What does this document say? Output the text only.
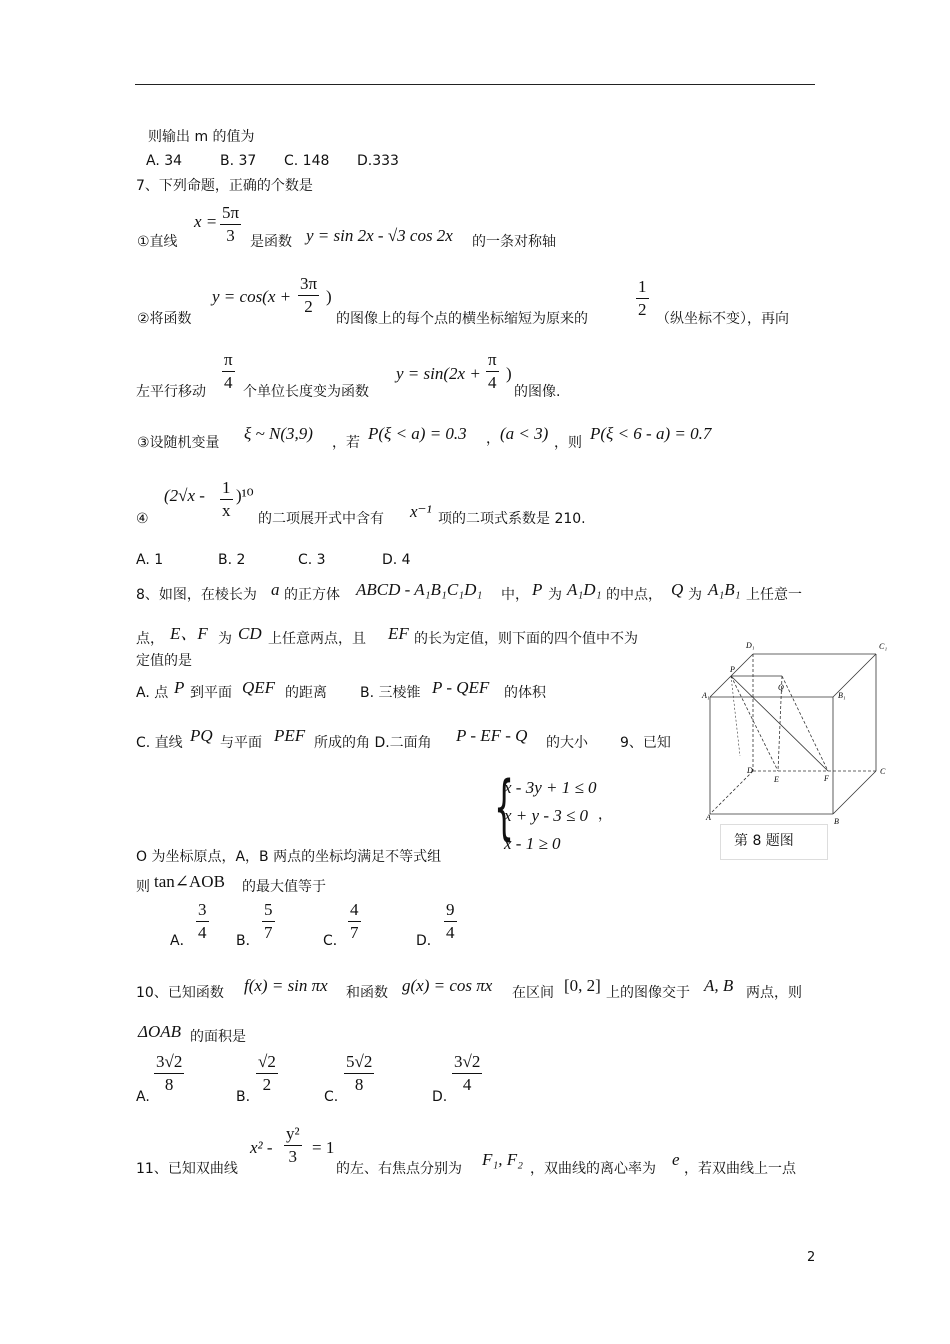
则输出 m 的值为
A. 34	B. 37 C. 148 D.333
7、下列命题，正确的个数是
①直线
x = 5π
3 是函数 y = sin 2x - √3 cos 2x 的一条对称轴
②将函数
y = cos(x +
3π
2
)
的图像上的每个点的横坐标缩短为原来的
1
2 （纵坐标不变），再向
左平行移动
π
4 个单位长度变为函数
y = sin(2x +
π
4 )
的图像.
③设随机变量 ξ ~ N(3,9) ，若 P(ξ < a) = 0.3 ， (a < 3) ，则 P(ξ < 6 - a) = 0.7
④
(2√x - 1
x
)¹⁰
的二项展开式中含有 x⁻¹ 项的二项式系数是 210.
A. 1	B. 2	C. 3	D. 4
8、如图，在棱长为 a 的正方体 ABCD - A₁B₁C₁D₁ 中， P 为 A₁D₁ 的中点， Q 为 A₁B₁ 上任意一
点， E、F 为 CD 上任意两点，且 EF 的长为定值，则下面的四个值中不为
定值的是
A. 点 P 到平面 QEF 的距离 B. 三棱锥 P - QEF 的体积
C. 直线 PQ 与平面 PEF 所成的角 D.二面角 P - EF - Q 的大小 9、已知
{
x - 3y + 1 ≤ 0
x + y - 3 ≤ 0
x - 1 ≥ 0
，
O 为坐标原点，A，B 两点的坐标均满足不等式组
则 tan∠AOB 的最大值等于
A．
3
4 B．
5
7	C．
4
7	D．
9
4
10、已知函数 f(x) = sin πx 和函数 g(x) = cos πx 在区间 [0, 2] 上的图像交于 A, B 两点，则
ΔOAB 的面积是
A.
3√2
8
B.
√2
2
C.
5√2
8
D.
3√2
4
11、已知双曲线
x² -
y²
3 = 1
的左、右焦点分别为 F₁, F₂ ，双曲线的离心率为 e ，若双曲线上一点
D₁	C₁
A₁	B₁
P
Q
D	C
E	F
A	B
第 8 题图
2
